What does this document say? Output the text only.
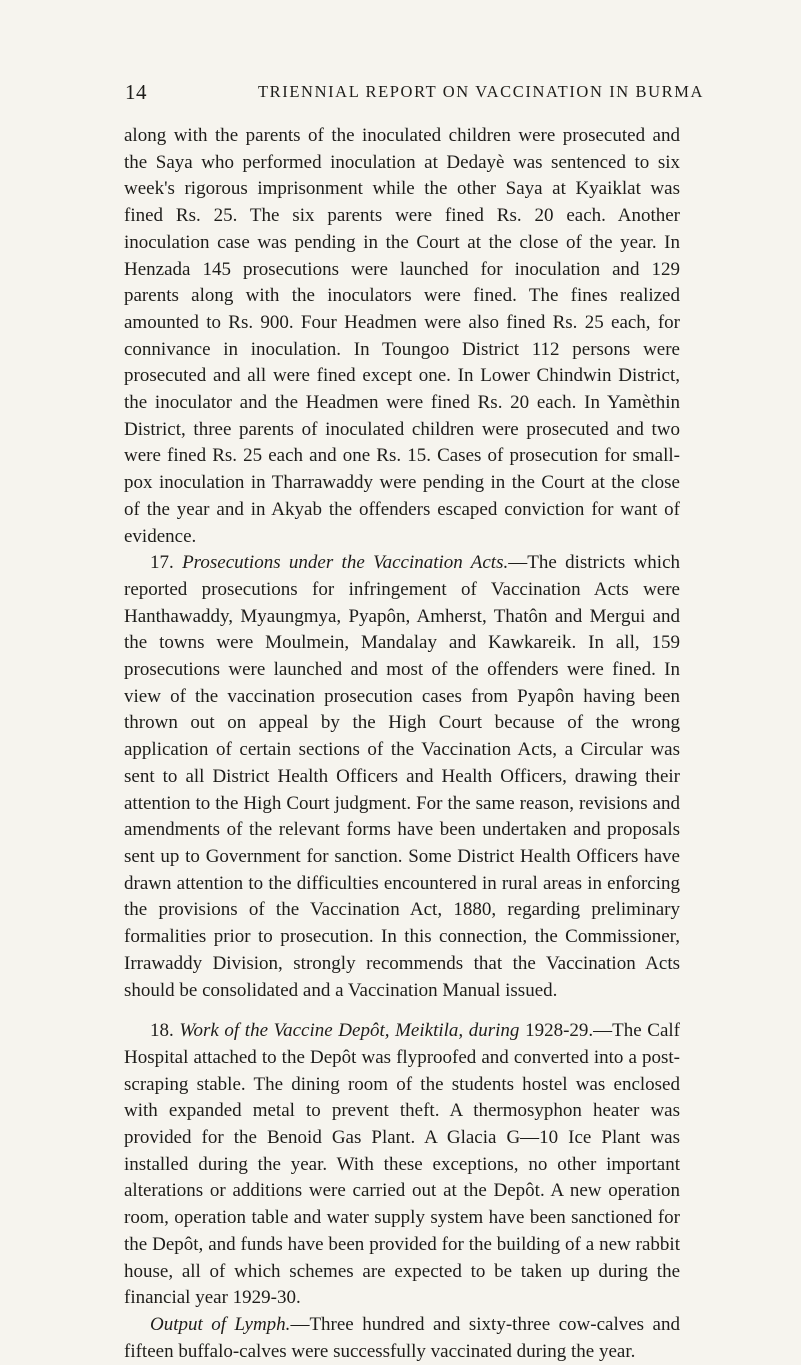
14	TRIENNIAL REPORT ON VACCINATION IN BURMA

along with the parents of the inoculated children were prosecuted and the Saya who performed inoculation at Dedayè was sentenced to six week's rigorous imprisonment while the other Saya at Kyaiklat was fined Rs. 25. The six parents were fined Rs. 20 each. Another inoculation case was pending in the Court at the close of the year. In Henzada 145 prosecutions were launched for inoculation and 129 parents along with the inoculators were fined. The fines realized amounted to Rs. 900. Four Headmen were also fined Rs. 25 each, for connivance in inoculation. In Toungoo District 112 persons were prosecuted and all were fined except one. In Lower Chindwin District, the inoculator and the Headmen were fined Rs. 20 each. In Yamèthin District, three parents of inoculated children were prosecuted and two were fined Rs. 25 each and one Rs. 15. Cases of prosecution for small-pox inoculation in Tharrawaddy were pending in the Court at the close of the year and in Akyab the offenders escaped conviction for want of evidence.

17. Prosecutions under the Vaccination Acts.—The districts which reported prosecutions for infringement of Vaccination Acts were Hanthawaddy, Myaungmya, Pyapôn, Amherst, Thatôn and Mergui and the towns were Moulmein, Mandalay and Kawkareik. In all, 159 prosecutions were launched and most of the offenders were fined. In view of the vaccination prosecution cases from Pyapôn having been thrown out on appeal by the High Court because of the wrong application of certain sections of the Vaccination Acts, a Circular was sent to all District Health Officers and Health Officers, drawing their attention to the High Court judgment. For the same reason, revisions and amendments of the relevant forms have been undertaken and proposals sent up to Government for sanction. Some District Health Officers have drawn attention to the difficulties encountered in rural areas in enforcing the provisions of the Vaccination Act, 1880, regarding preliminary formalities prior to prosecution. In this connection, the Commissioner, Irrawaddy Division, strongly recommends that the Vaccination Acts should be consolidated and a Vaccination Manual issued.

18. Work of the Vaccine Depôt, Meiktila, during 1928-29.—The Calf Hospital attached to the Depôt was flyproofed and converted into a post-scraping stable. The dining room of the students hostel was enclosed with expanded metal to prevent theft. A thermosyphon heater was provided for the Benoid Gas Plant. A Glacia G—10 Ice Plant was installed during the year. With these exceptions, no other important alterations or additions were carried out at the Depôt. A new operation room, operation table and water supply system have been sanctioned for the Depôt, and funds have been provided for the building of a new rabbit house, all of which schemes are expected to be taken up during the financial year 1929-30.

Output of Lymph.—Three hundred and sixty-three cow-calves and fifteen buffalo-calves were successfully vaccinated during the year.
